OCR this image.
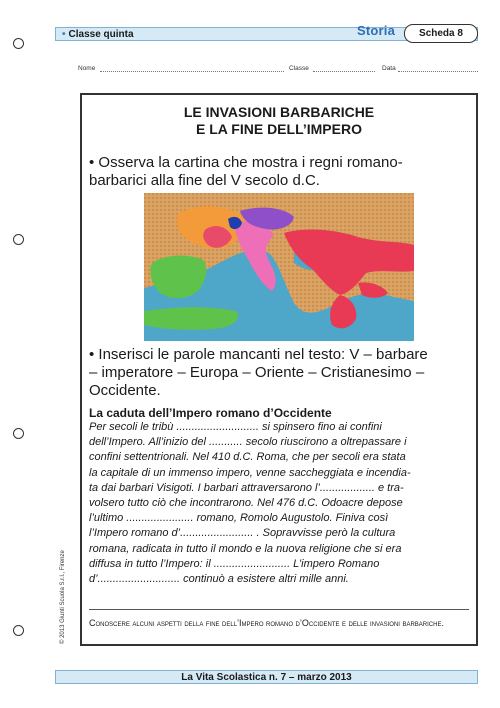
• Classe quinta	Storia	Scheda 8
Nome	Classe	Data
LE INVASIONI BARBARICHE
E LA FINE DELL’IMPERO
• Osserva la cartina che mostra i regni romano-
barbarici alla fine del V secolo d.C.
• Inserisci le parole mancanti nel testo: V – barbare
– imperatore – Europa – Oriente – Cristianesimo –
Occidente.
La caduta dell’Impero romano d’Occidente
Per secoli le tribù ........................... si spinsero fino ai confini
dell’Impero. All’inizio del ........... secolo riuscirono a oltrepassare i
confini settentrionali. Nel 410 d.C. Roma, che per secoli era stata
la capitale di un immenso impero, venne saccheggiata e incendia-
ta dai barbari Visigoti. I barbari attraversarono l’.................. e tra-
volsero tutto ciò che incontrarono. Nel 476 d.C. Odoacre depose
l’ultimo ...................... romano, Romolo Augustolo. Finiva così
l’Impero romano d’........................ . Sopravvisse però la cultura
romana, radicata in tutto il mondo e la nuova religione che si era
diffusa in tutto l’Impero: il ......................... L’impero Romano
d’........................... continuò a esistere altri mille anni.
Conoscere alcuni aspetti della fine dell’Impero romano d’Occidente e delle invasioni barbariche.
© 2013 Giunti Scuola S.r.l., Firenze
La Vita Scolastica n. 7 – marzo 2013
